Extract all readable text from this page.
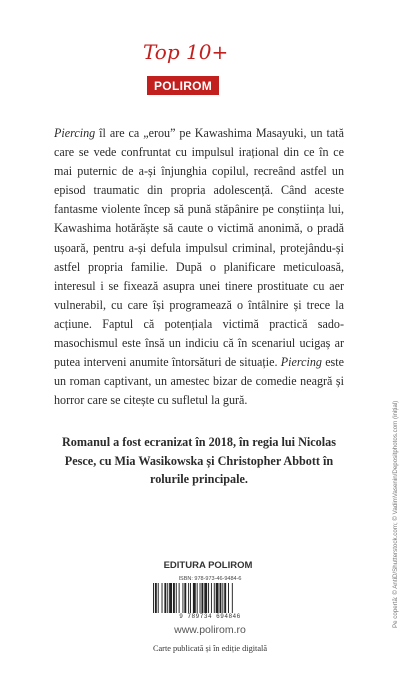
Top 10+
POLIROM
Piercing îl are ca „erou” pe Kawashima Masayuki, un tată care se vede confruntat cu impulsul irațional din ce în ce mai puternic de a-și înjunghia copilul, recreând astfel un episod traumatic din propria adolescență. Când aceste fantasme violente încep să pună stăpânire pe conștiința lui, Kawashima hotărăște să caute o victimă anonimă, o pradă ușoară, pentru a-și defula impulsul criminal, protejându-și astfel propria familie. După o planificare meticuloasă, interesul i se fixează asupra unei tinere prostituate cu aer vulnerabil, cu care își programează o întâlnire și trece la acțiune. Faptul că potențiala victimă practică sado-masochismul este însă un indiciu că în scenariul ucigaș ar putea interveni anumite întorsături de situație. Piercing este un roman captivant, un amestec bizar de comedie neagră și horror care se citește cu sufletul la gură.
Romanul a fost ecranizat în 2018, în regia lui Nicolas Pesce, cu Mia Wasikowska și Christopher Abbott în rolurile principale.
EDITURA POLIROM
ISBN: 978-973-46-9484-6
9 789734 694846
www.polirom.ro
Carte publicată și în ediție digitală
Pe copertă: © AntiD/Shutterstock.com; © VadimVasenin/Depositphotos.com (inițial)
